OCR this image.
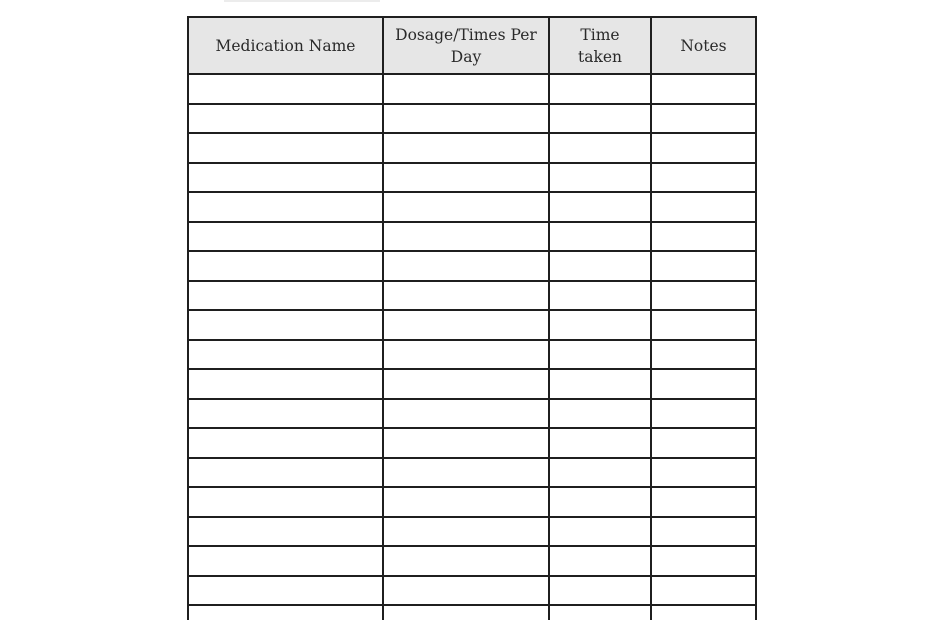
Medication Name	Dosage/Times Per Day	Time taken	Notes
